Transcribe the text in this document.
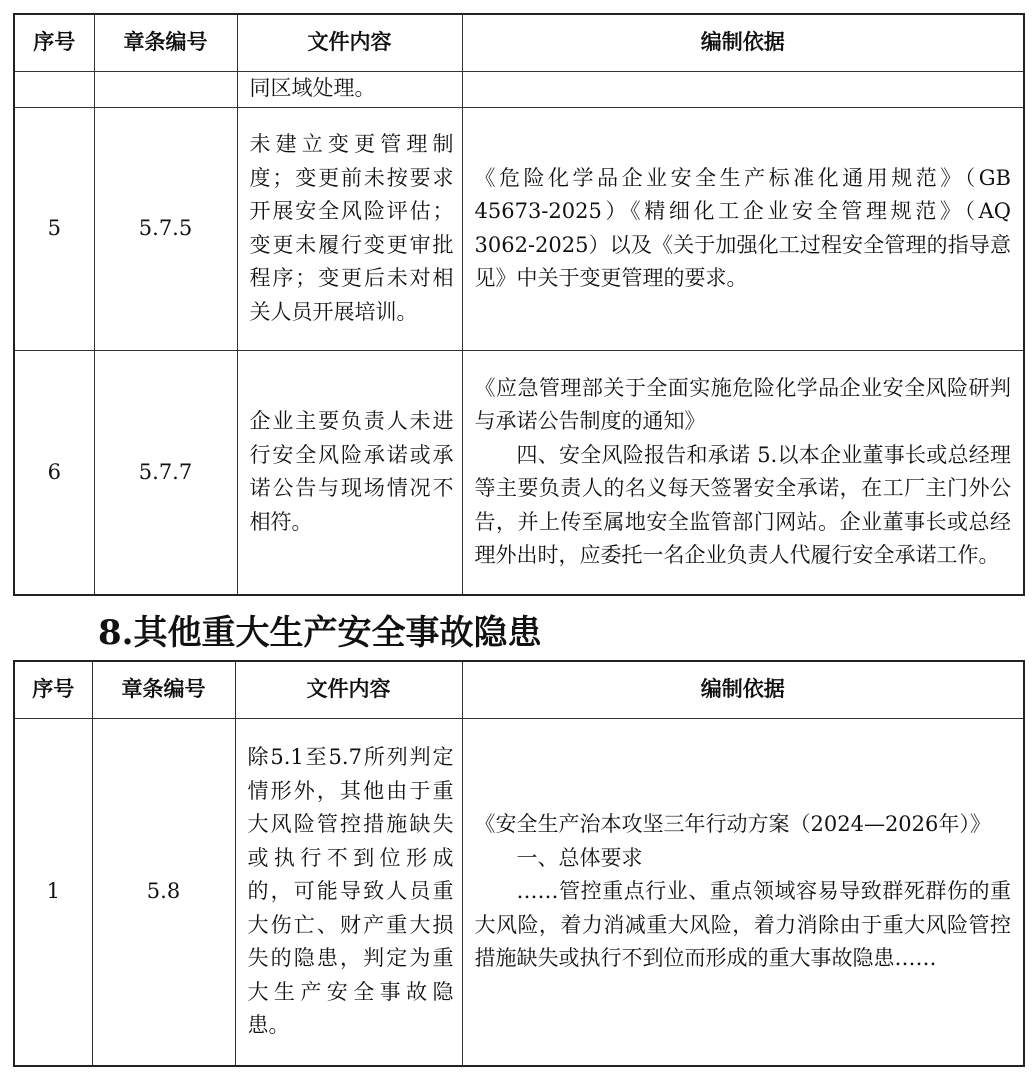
序号	章条编号	文件内容	编制依据
		同区域处理。	
5	5.7.5	未建立变更管理制度；变更前未按要求开展安全风险评估；变更未履行变更审批程序；变更后未对相关人员开展培训。	《危险化学品企业安全生产标准化通用规范》（GB 45673-2025）《精细化工企业安全管理规范》（AQ 3062-2025）以及《关于加强化工过程安全管理的指导意见》中关于变更管理的要求。

6	5.7.7	企业主要负责人未进行安全风险承诺或承诺公告与现场情况不相符。	《应急管理部关于全面实施危险化学品企业安全风险研判与承诺公告制度的通知》
四、安全风险报告和承诺 5.以本企业董事长或总经理等主要负责人的名义每天签署安全承诺，在工厂主门外公告，并上传至属地安全监管部门网站。企业董事长或总经理外出时，应委托一名企业负责人代履行安全承诺工作。
8.其他重大生产安全事故隐患
序号	章条编号	文件内容	编制依据
1	5.8	除5.1至5.7所列判定情形外，其他由于重大风险管控措施缺失或执行不到位形成的，可能导致人员重大伤亡、财产重大损失的隐患，判定为重大生产安全事故隐患。	《安全生产治本攻坚三年行动方案（2024—2026年）》
一、总体要求
……管控重点行业、重点领域容易导致群死群伤的重大风险，着力消减重大风险，着力消除由于重大风险管控措施缺失或执行不到位而形成的重大事故隐患……
